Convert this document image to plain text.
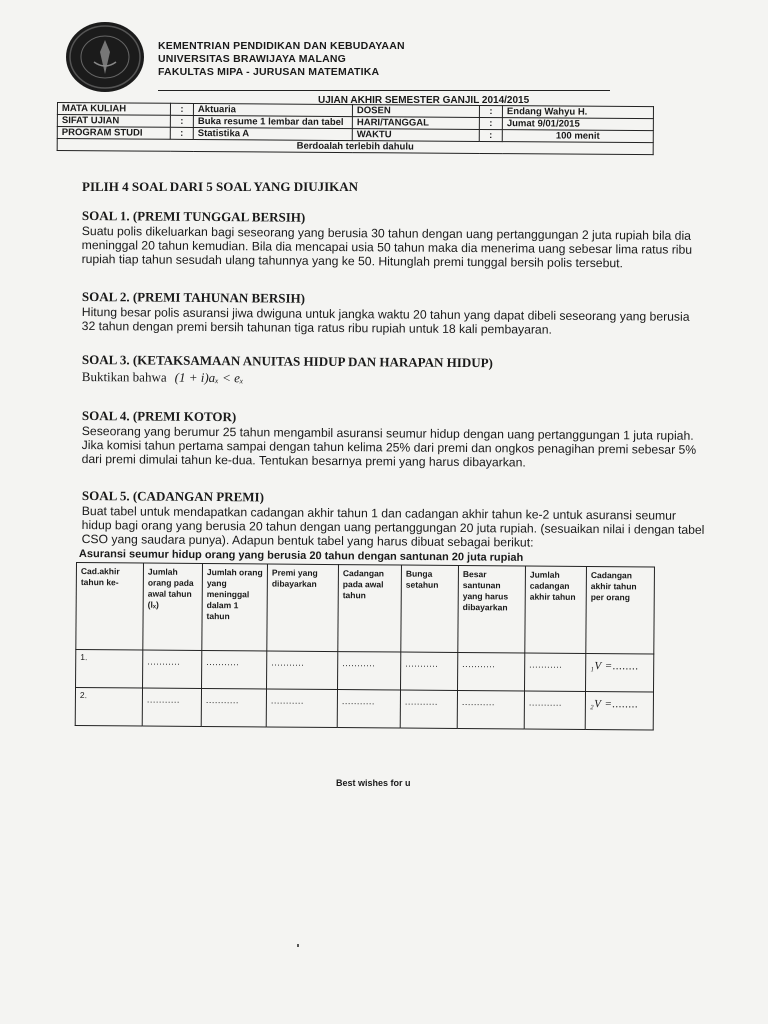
KEMENTRIAN PENDIDIKAN DAN KEBUDAYAAN
UNIVERSITAS BRAWIJAYA MALANG
FAKULTAS MIPA - JURUSAN MATEMATIKA
UJIAN AKHIR SEMESTER GANJIL 2014/2015
MATA KULIAH	:	Aktuaria	DOSEN	:	Endang Wahyu H.
SIFAT UJIAN	:	Buka resume 1 lembar dan tabel	HARI/TANGGAL	:	Jumat 9/01/2015
PROGRAM STUDI	:	Statistika A	WAKTU	:	100 menit
Berdoalah terlebih dahulu					
PILIH 4 SOAL DARI 5 SOAL YANG DIUJIKAN
SOAL 1. (PREMI TUNGGAL BERSIH)

Suatu polis dikeluarkan bagi seseorang yang berusia 30 tahun dengan uang pertanggungan 2 juta rupiah bila dia

meninggal 20 tahun kemudian. Bila dia mencapai usia 50 tahun maka dia menerima uang sebesar lima ratus ribu

rupiah tiap tahun sesudah ulang tahunnya yang ke 50. Hitunglah premi tunggal bersih polis tersebut.

SOAL 2. (PREMI TAHUNAN BERSIH)

Hitung besar polis asuransi jiwa dwiguna untuk jangka waktu 20 tahun yang dapat dibeli seseorang yang berusia

32 tahun dengan premi bersih tahunan tiga ratus ribu rupiah untuk 18 kali pembayaran.

SOAL 3. (KETAKSAMAAN ANUITAS HIDUP DAN HARAPAN HIDUP)

Buktikan bahwa (1 + i)aₓ < eₓ

SOAL 4. (PREMI KOTOR)

Seseorang yang berumur 25 tahun mengambil asuransi seumur hidup dengan uang pertanggungan 1 juta rupiah.

Jika komisi tahun pertama sampai dengan tahun kelima 25% dari premi dan ongkos penagihan premi sebesar 5%

dari premi dimulai tahun ke-dua. Tentukan besarnya premi yang harus dibayarkan.

SOAL 5. (CADANGAN PREMI)

Buat tabel untuk mendapatkan cadangan akhir tahun 1 dan cadangan akhir tahun ke-2 untuk asuransi seumur

hidup bagi orang yang berusia 20 tahun dengan uang pertanggungan 20 juta rupiah. (sesuaikan nilai i dengan tabel

CSO yang saudara punya). Adapun bentuk tabel yang harus dibuat sebagai berikut:

Asuransi seumur hidup orang yang berusia 20 tahun dengan santunan 20 juta rupiah
Cad.akhir tahun ke-	Jumlah orang pada awal tahun (lₓ)	Jumlah orang yang meninggal dalam 1 tahun	Premi yang dibayarkan	Cadangan pada awal tahun	Bunga setahun	Besar santunan yang harus dibayarkan	Jumlah cadangan akhir tahun	Cadangan akhir tahun per orang
1.	...........	...........	...........	...........	...........	...........	...........	₁V =........

2.	...........	...........	...........	...........	...........	...........	...........	₂V =........
Best wishes for u
